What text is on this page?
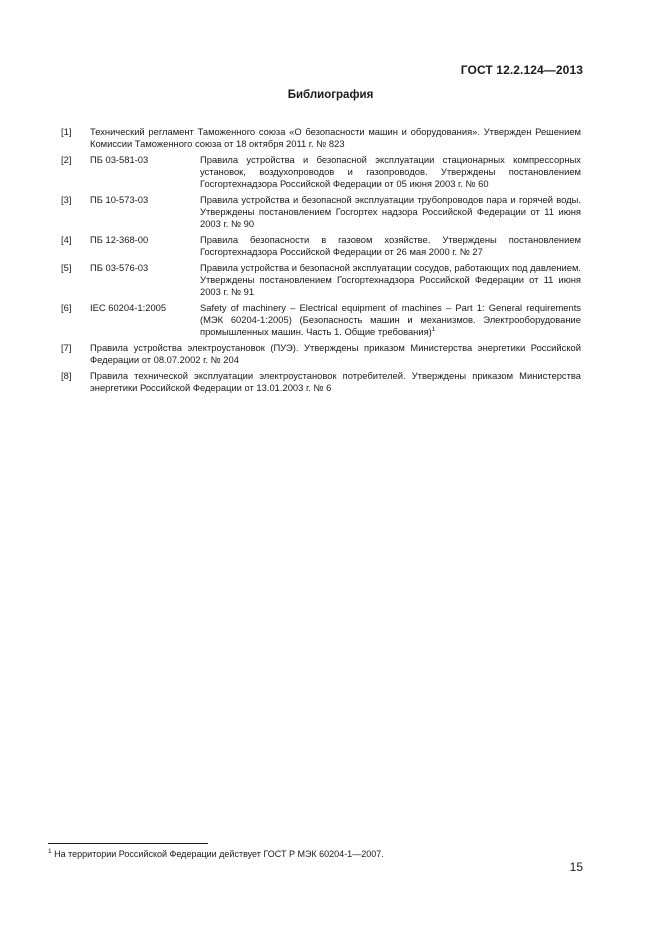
ГОСТ 12.2.124—2013
Библиография
[1]	Технический регламент Таможенного союза «О безопасности машин и оборудования». Утвержден Решением Комиссии Таможенного союза от 18 октября 2011 г. № 823
[2]	ПБ 03-581-03	Правила устройства и безопасной эксплуатации стационарных компрессорных установок, воздухопроводов и газопроводов. Утверждены постановлением Госгортехнадзора Российской Федерации от 05 июня 2003 г. № 60
[3]	ПБ 10-573-03	Правила устройства и безопасной эксплуатации трубопроводов пара и горячей воды. Утверждены постановлением Госгортех надзора Российской Федерации от 11 июня 2003 г. № 90
[4]	ПБ 12-368-00	Правила безопасности в газовом хозяйстве. Утверждены постановлением Госгортехнадзора Российской Федерации от 26 мая 2000 г. № 27
[5]	ПБ 03-576-03	Правила устройства и безопасной эксплуатации сосудов, работающих под давлением. Утверждены постановлением Госгортехнадзора Российской Федерации от 11 июня 2003 г. № 91
[6]	IEC 60204-1:2005	Safety of machinery – Electrical equipment of machines – Part 1: General requirements (МЭК 60204-1:2005) (Безопасность машин и механизмов. Электрооборудование промышленных машин. Часть 1. Общие требования)$^1$
[7]	Правила устройства электроустановок (ПУЭ). Утверждены приказом Министерства энергетики Российской Федерации от 08.07.2002 г. № 204
[8]	Правила технической эксплуатации электроустановок потребителей. Утверждены приказом Министерства энергетики Российской Федерации от 13.01.2003 г. № 6
$^1$ На территории Российской Федерации действует ГОСТ Р МЭК 60204-1—2007.
15
